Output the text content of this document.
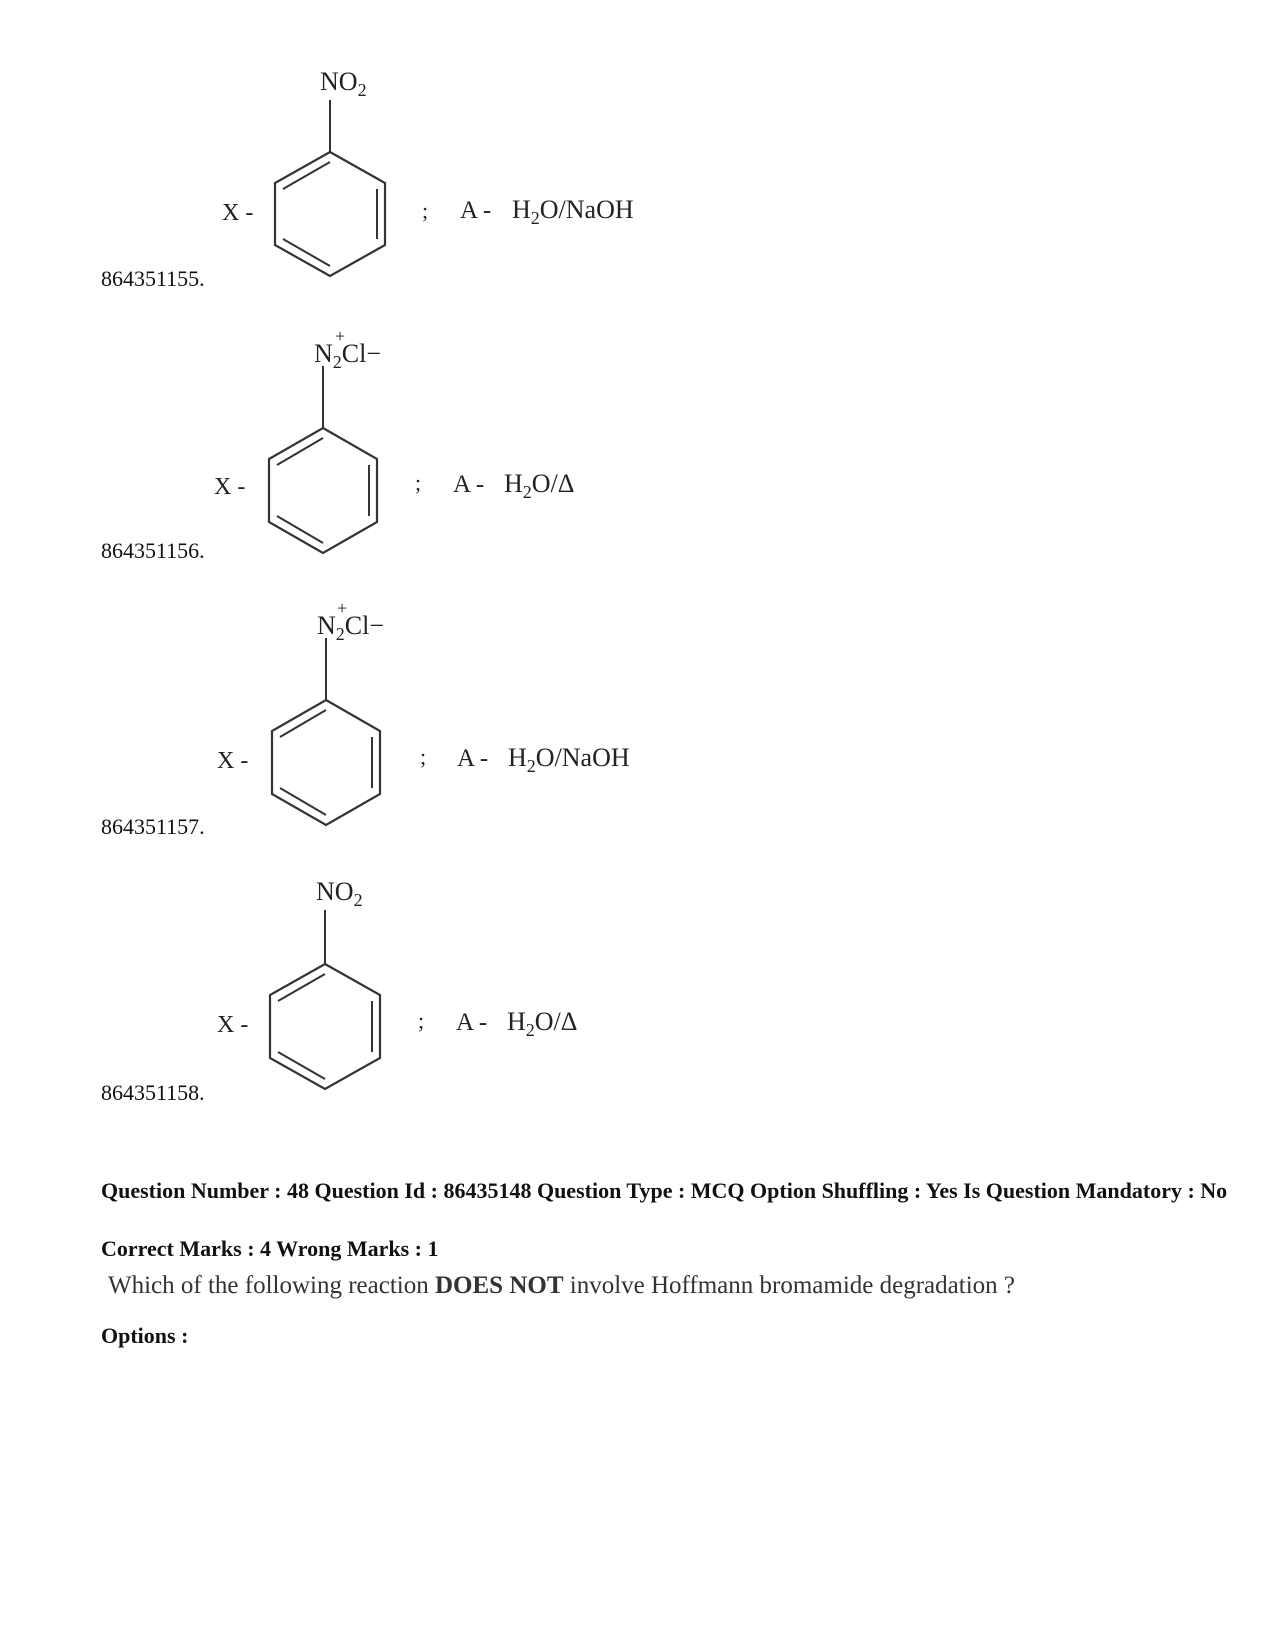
$NO_2$
X -	; A - $H_2O$/NaOH
864351155.
+
$N_2Cl-$
X -	; A - $H_2O/\Delta$
864351156.
+
$N_2Cl-$
X -	; A - $H_2O$/NaOH
864351157.
$NO_2$
X -	; A - $H_2O/\Delta$
864351158.
Question Number : 48 Question Id : 86435148 Question Type : MCQ Option Shuffling : Yes Is Question Mandatory : No
Correct Marks : 4 Wrong Marks : 1
Which of the following reaction DOES NOT involve Hoffmann bromamide degradation ?
Options :
